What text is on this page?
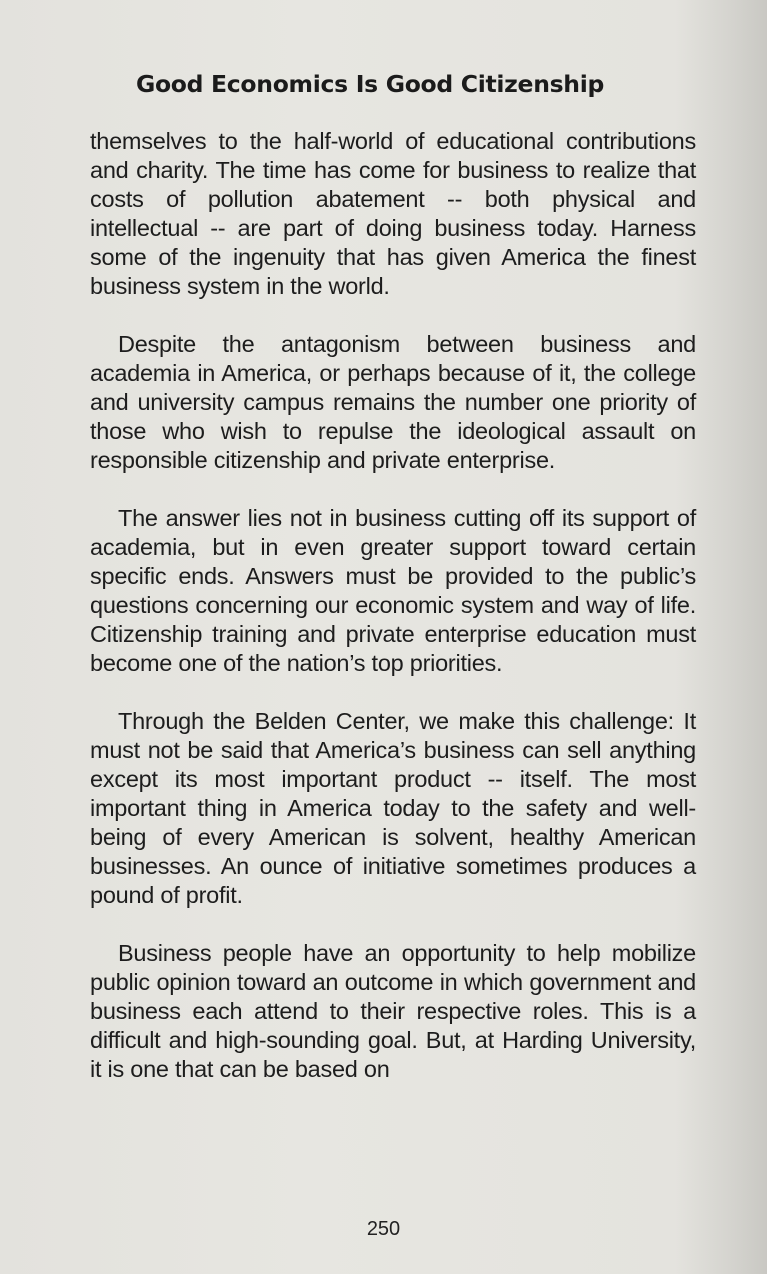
Good Economics Is Good Citizenship

themselves to the half-world of educational contributions and charity. The time has come for business to realize that costs of pollution abatement -- both physical and intellectual -- are part of doing business today. Harness some of the ingenuity that has given America the finest business system in the world.

Despite the antagonism between business and academia in America, or perhaps because of it, the college and university campus remains the number one priority of those who wish to repulse the ideological assault on responsible citizenship and private enterprise.

The answer lies not in business cutting off its support of academia, but in even greater support toward certain specific ends. Answers must be provided to the public’s questions concerning our economic system and way of life. Citizenship training and private enterprise education must become one of the nation’s top priorities.

Through the Belden Center, we make this challenge: It must not be said that America’s business can sell anything except its most important product -- itself. The most important thing in America today to the safety and well-being of every American is solvent, healthy American businesses. An ounce of initiative sometimes produces a pound of profit.

Business people have an opportunity to help mobilize public opinion toward an outcome in which government and business each attend to their respective roles. This is a difficult and high-sounding goal. But, at Harding University, it is one that can be based on

250
